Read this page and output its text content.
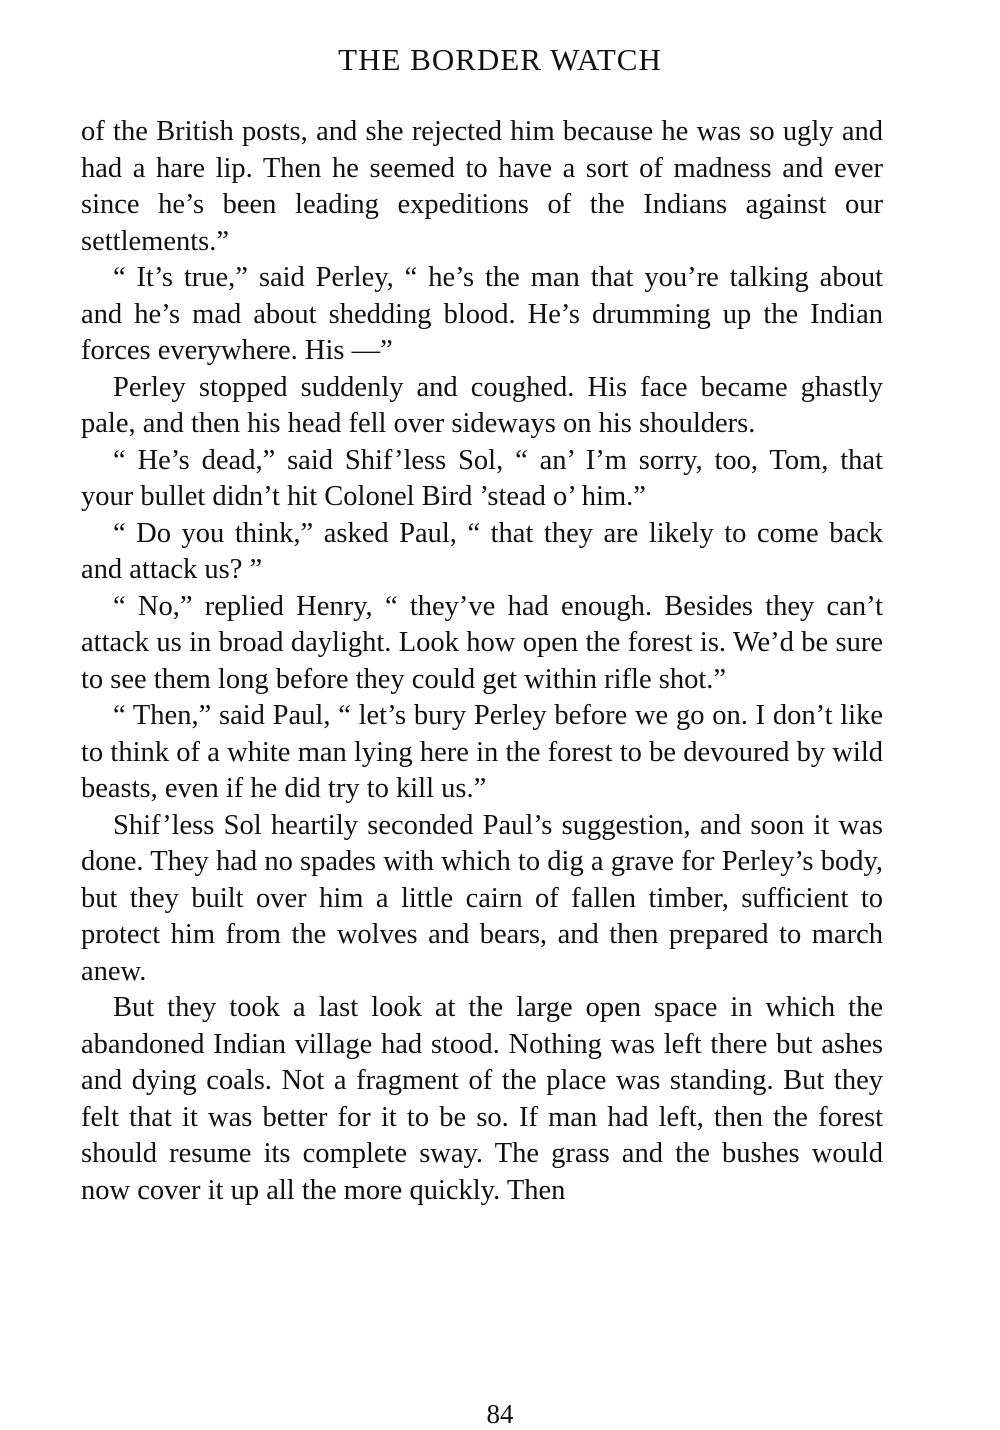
THE BORDER WATCH

of the British posts, and she rejected him because he was so ugly and had a hare lip. Then he seemed to have a sort of madness and ever since he’s been leading expeditions of the Indians against our settlements.”

“ It’s true,” said Perley, “ he’s the man that you’re talking about and he’s mad about shedding blood. He’s drumming up the Indian forces everywhere. His —”

Perley stopped suddenly and coughed. His face became ghastly pale, and then his head fell over sideways on his shoulders.

“ He’s dead,” said Shif’less Sol, “ an’ I’m sorry, too, Tom, that your bullet didn’t hit Colonel Bird ’stead o’ him.”

“ Do you think,” asked Paul, “ that they are likely to come back and attack us? ”

“ No,” replied Henry, “ they’ve had enough. Besides they can’t attack us in broad daylight. Look how open the forest is. We’d be sure to see them long before they could get within rifle shot.”

“ Then,” said Paul, “ let’s bury Perley before we go on. I don’t like to think of a white man lying here in the forest to be devoured by wild beasts, even if he did try to kill us.”

Shif’less Sol heartily seconded Paul’s suggestion, and soon it was done. They had no spades with which to dig a grave for Perley’s body, but they built over him a little cairn of fallen timber, sufficient to protect him from the wolves and bears, and then prepared to march anew.

But they took a last look at the large open space in which the abandoned Indian village had stood. Nothing was left there but ashes and dying coals. Not a fragment of the place was standing. But they felt that it was better for it to be so. If man had left, then the forest should resume its complete sway. The grass and the bushes would now cover it up all the more quickly. Then

84
